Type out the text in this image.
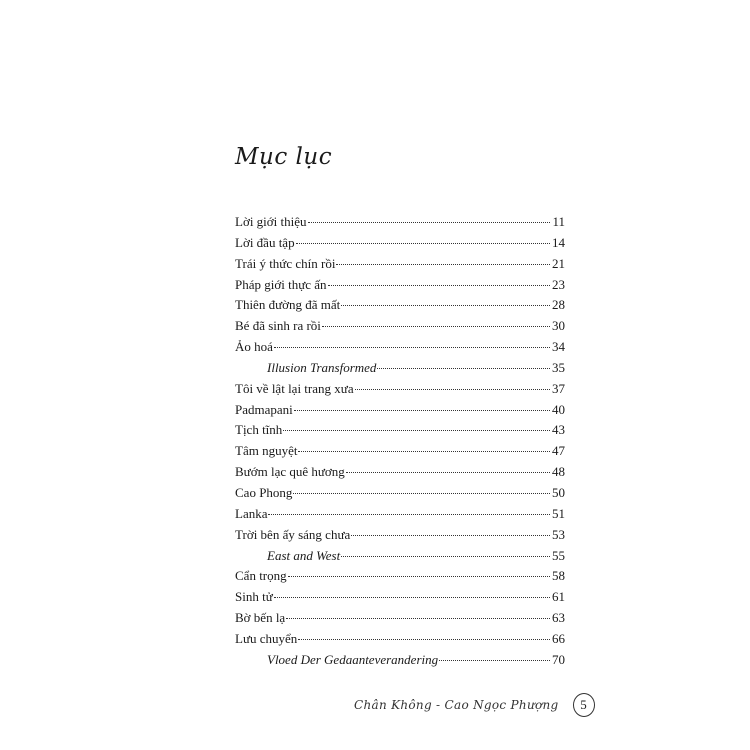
Mục lục
Lời giới thiệu	11
Lời đầu tập	14
Trái ý thức chín rồi	21
Pháp giới thực ấn	23
Thiên đường đã mất	28
Bé đã sinh ra rồi	30
Ảo hoá	34
Illusion Transformed	35
Tôi về lật lại trang xưa	37
Padmapani	40
Tịch tĩnh	43
Tâm nguyệt	47
Bướm lạc quê hương	48
Cao Phong	50
Lanka	51
Trời bên ấy sáng chưa	53
East and West	55
Cẩn trọng	58
Sinh tử	61
Bờ bến lạ	63
Lưu chuyển	66
Vloed Der Gedaanteverandering	70
Chân Không - Cao Ngọc Phượng	5
